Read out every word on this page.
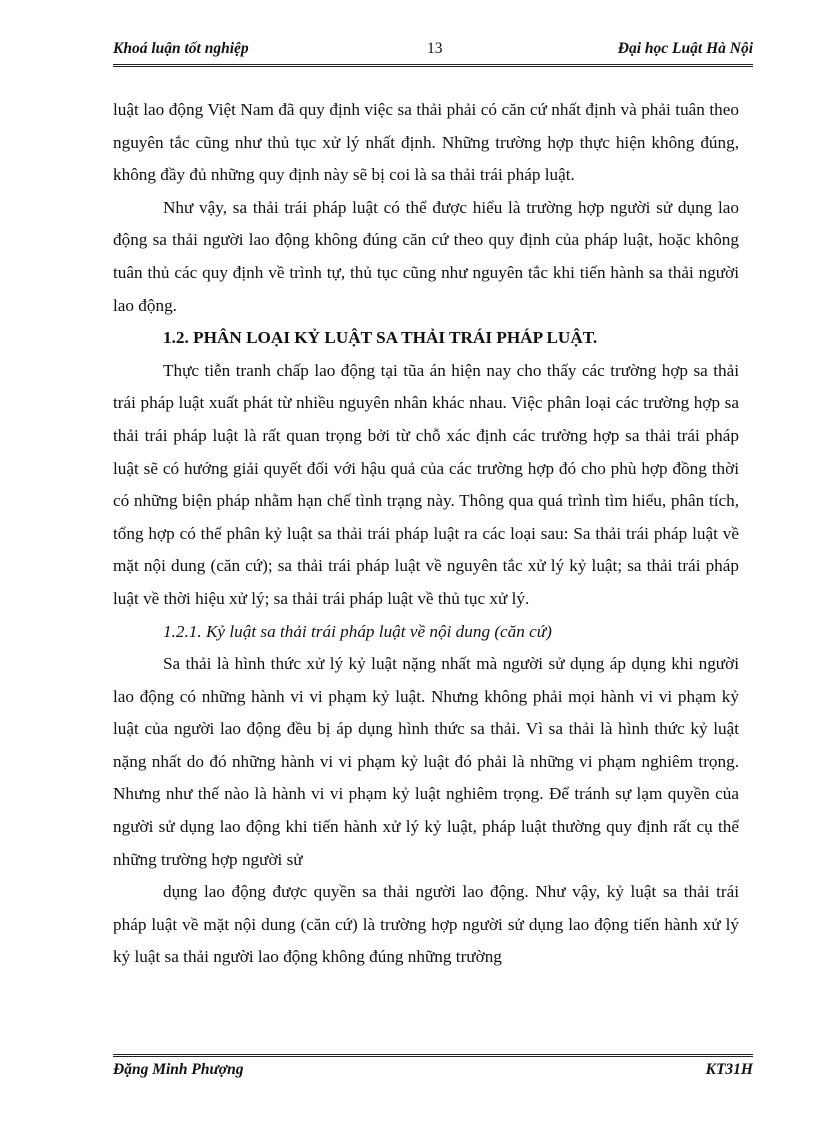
Khoá luận tốt nghiệp	13	Đại học Luật Hà Nội

luật lao động Việt Nam đã quy định việc sa thải phải có căn cứ nhất định và phải tuân theo nguyên tắc cũng như thủ tục xử lý nhất định. Những trường hợp thực hiện không đúng, không đầy đủ những quy định này sẽ bị coi là sa thải trái pháp luật.

Như vậy, sa thải trái pháp luật có thể được hiểu là trường hợp người sử dụng lao động sa thải người lao động không đúng căn cứ theo quy định của pháp luật, hoặc không tuân thủ các quy định về trình tự, thủ tục cũng như nguyên tắc khi tiến hành sa thải người lao động.

1.2. PHÂN LOẠI KỶ LUẬT SA THẢI TRÁI PHÁP LUẬT.

Thực tiễn tranh chấp lao động tại tũa án hiện nay cho thấy các trường hợp sa thải trái pháp luật xuất phát từ nhiều nguyên nhân khác nhau. Việc phân loại các trường hợp sa thải trái pháp luật là rất quan trọng bởi từ chỗ xác định các trường hợp sa thải trái pháp luật sẽ có hướng giải quyết đối với hậu quả của các trường hợp đó cho phù hợp đồng thời có những biện pháp nhằm hạn chế tình trạng này. Thông qua quá trình tìm hiểu, phân tích, tổng hợp có thể phân kỷ luật sa thải trái pháp luật ra các loại sau: Sa thải trái pháp luật về mặt nội dung (căn cứ); sa thải trái pháp luật về nguyên tắc xử lý kỷ luật; sa thải trái pháp luật về thời hiệu xử lý; sa thải trái pháp luật về thủ tục xử lý.

1.2.1. Kỷ luật sa thải trái pháp luật về nội dung (căn cứ)

Sa thải là hình thức xử lý kỷ luật nặng nhất mà người sử dụng áp dụng khi người lao động có những hành vi vi phạm kỷ luật. Nhưng không phải mọi hành vi vi phạm kỷ luật của người lao động đều bị áp dụng hình thức sa thải. Vì sa thải là hình thức kỷ luật nặng nhất do đó những hành vi vi phạm kỷ luật đó phải là những vi phạm nghiêm trọng. Nhưng như thế nào là hành vi vi phạm kỷ luật nghiêm trọng. Để tránh sự lạm quyền của người sử dụng lao động khi tiến hành xử lý kỷ luật, pháp luật thường quy định rất cụ thể những trường hợp người sử

dụng lao động được quyền sa thải người lao động. Như vậy, kỷ luật sa thải trái pháp luật về mặt nội dung (căn cứ) là trường hợp người sử dụng lao động tiến hành xử lý kỷ luật sa thải người lao động không đúng những trường

Đặng Minh Phượng	KT31H
